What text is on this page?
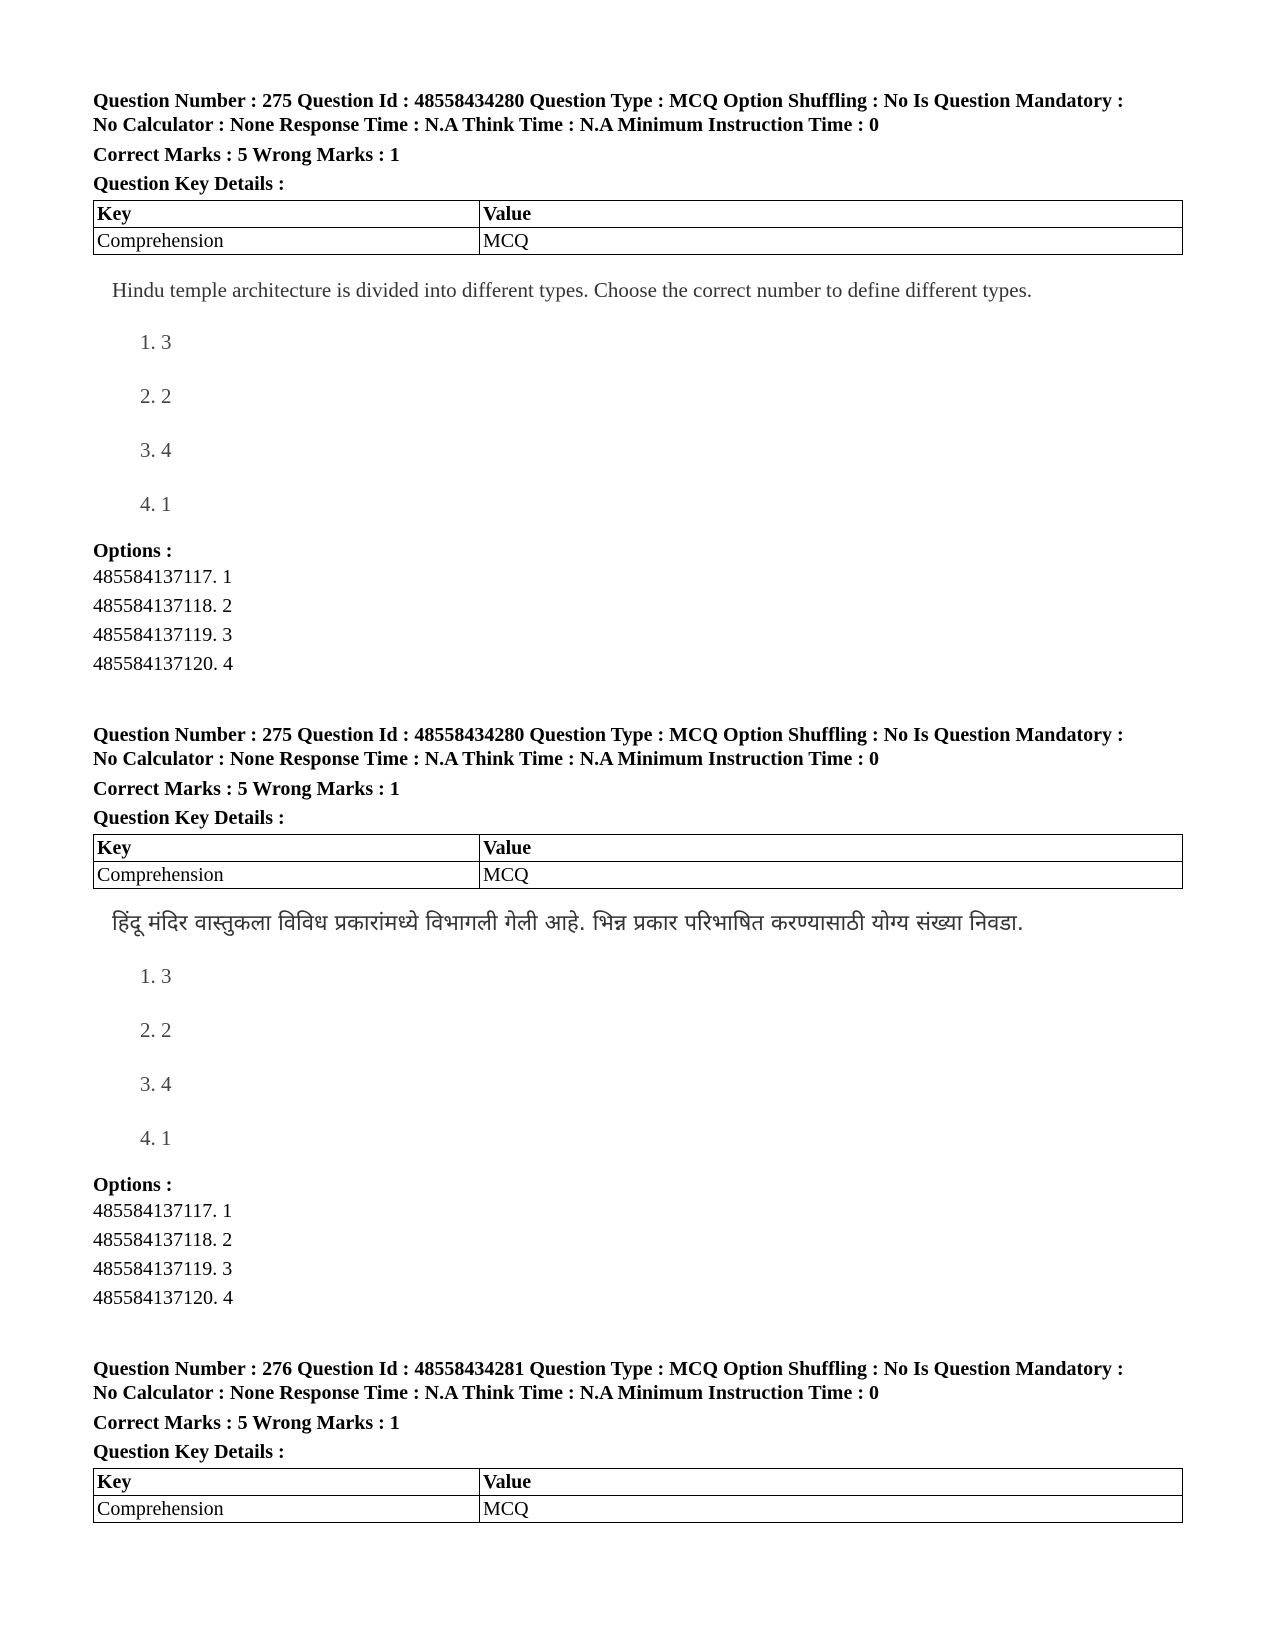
Question Number : 275 Question Id : 48558434280 Question Type : MCQ Option Shuffling : No Is Question Mandatory :
No Calculator : None Response Time : N.A Think Time : N.A Minimum Instruction Time : 0
Correct Marks : 5 Wrong Marks : 1
Question Key Details :
Key	Value
Comprehension	MCQ
Hindu temple architecture is divided into different types. Choose the correct number to define different types.
1. 3
2. 2
3. 4
4. 1
Options :
485584137117. 1
485584137118. 2
485584137119. 3
485584137120. 4
Question Number : 275 Question Id : 48558434280 Question Type : MCQ Option Shuffling : No Is Question Mandatory :
No Calculator : None Response Time : N.A Think Time : N.A Minimum Instruction Time : 0
Correct Marks : 5 Wrong Marks : 1
Question Key Details :
Key	Value
Comprehension	MCQ
हिंदू मंदिर वास्तुकला विविध प्रकारांमध्ये विभागली गेली आहे. भिन्न प्रकार परिभाषित करण्यासाठी योग्य संख्या निवडा.
1. 3
2. 2
3. 4
4. 1
Options :
485584137117. 1
485584137118. 2
485584137119. 3
485584137120. 4
Question Number : 276 Question Id : 48558434281 Question Type : MCQ Option Shuffling : No Is Question Mandatory :
No Calculator : None Response Time : N.A Think Time : N.A Minimum Instruction Time : 0
Correct Marks : 5 Wrong Marks : 1
Question Key Details :
Key	Value
Comprehension	MCQ
